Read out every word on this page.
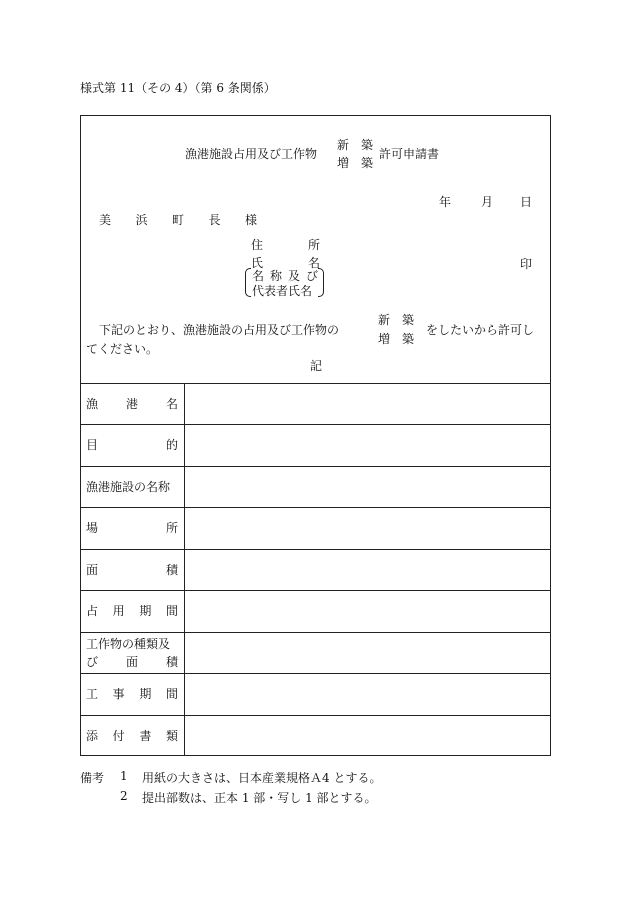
様式第 11（その 4）（第 6 条関係）
漁港施設占用及び工作物
新　築
増　築
許可申請書
年 月 日
美 浜 町 長 様
住	所
氏	名	印
名 称 及 び
代表者氏名
下記のとおり、漁港施設の占用及び工作物の
新　築
増　築
をしたいから許可し
てください。
記
漁 港 名
目	的
漁港施設の名称
場	所
面	積
占 用 期 間
工作物の種類及
び 面 積
工 事 期 間
添 付 書 類
備考 1 用紙の大きさは、日本産業規格Ａ4 とする。
2 提出部数は、正本 1 部・写し 1 部とする。
